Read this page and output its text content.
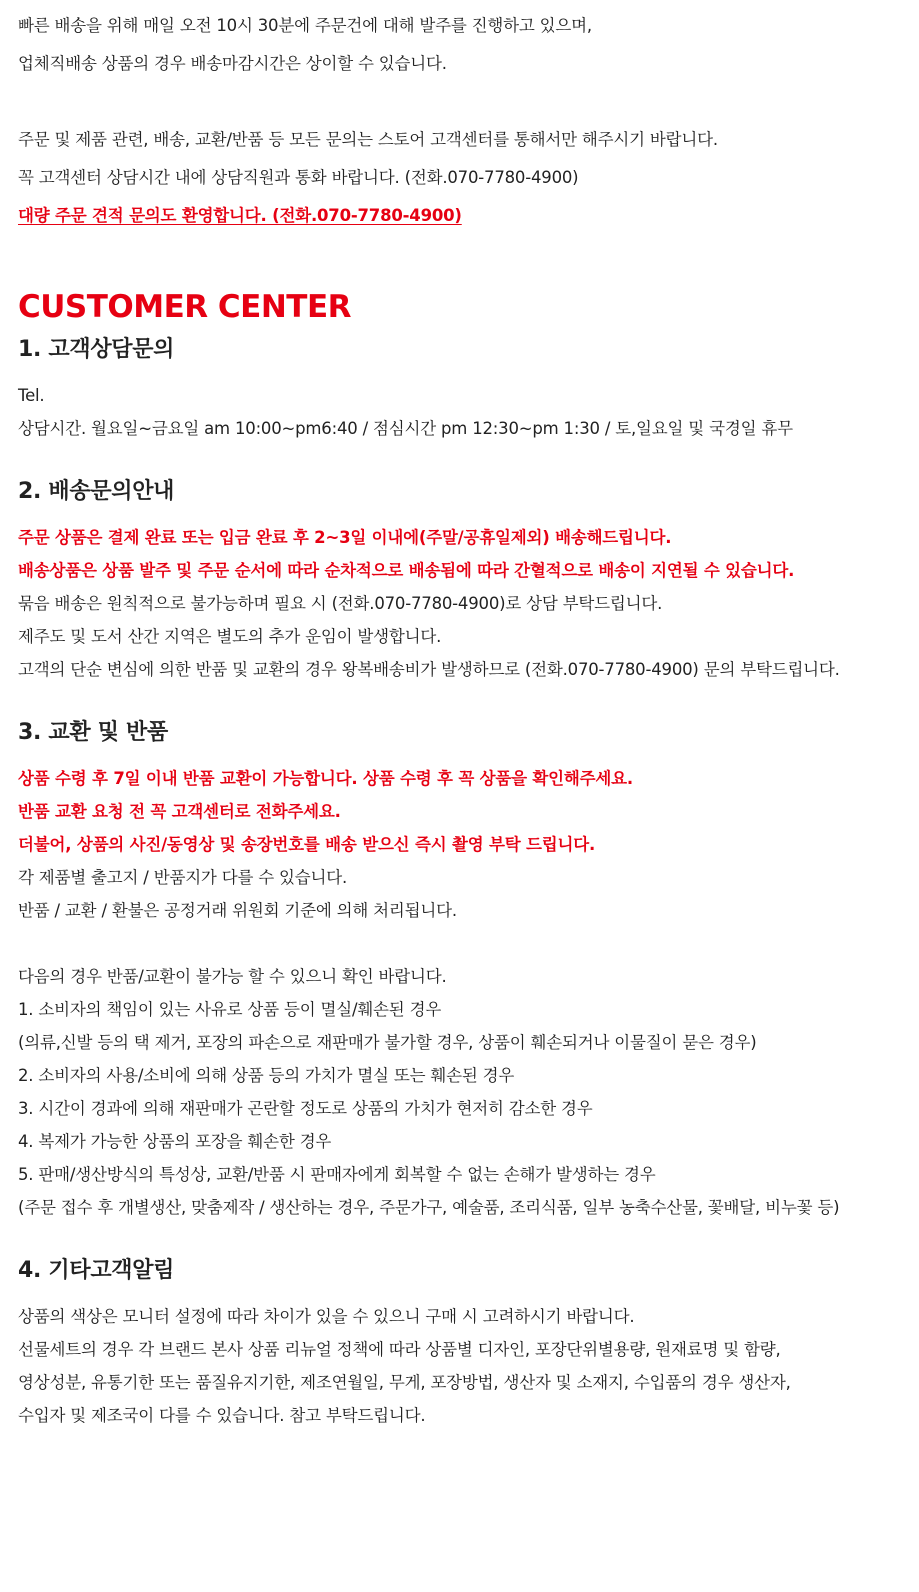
빠른 배송을 위해 매일 오전 10시 30분에 주문건에 대해 발주를 진행하고 있으며,
업체직배송 상품의 경우 배송마감시간은 상이할 수 있습니다.
주문 및 제품 관련, 배송, 교환/반품 등 모든 문의는 스토어 고객센터를 통해서만 해주시기 바랍니다.
꼭 고객센터 상담시간 내에 상담직원과 통화 바랍니다. (전화.070-7780-4900)
대량 주문 견적 문의도 환영합니다. (전화.070-7780-4900)
CUSTOMER CENTER
1. 고객상담문의
Tel.
상담시간. 월요일~금요일 am 10:00~pm6:40 / 점심시간 pm 12:30~pm 1:30 / 토,일요일 및 국경일 휴무
2. 배송문의안내
주문 상품은 결제 완료 또는 입금 완료 후 2~3일 이내에(주말/공휴일제외) 배송해드립니다.
배송상품은 상품 발주 및 주문 순서에 따라 순차적으로 배송됨에 따라 간혈적으로 배송이 지연될 수 있습니다.
묶음 배송은 원칙적으로 불가능하며 필요 시 (전화.070-7780-4900)로 상담 부탁드립니다.
제주도 및 도서 산간 지역은 별도의 추가 운임이 발생합니다.
고객의 단순 변심에 의한 반품 및 교환의 경우 왕복배송비가 발생하므로 (전화.070-7780-4900) 문의 부탁드립니다.
3. 교환 및 반품
상품 수령 후 7일 이내 반품 교환이 가능합니다. 상품 수령 후 꼭 상품을 확인해주세요.
반품 교환 요청 전 꼭 고객센터로 전화주세요.
더불어, 상품의 사진/동영상 및 송장번호를 배송 받으신 즉시 촬영 부탁 드립니다.
각 제품별 출고지 / 반품지가 다를 수 있습니다.
반품 / 교환 / 환불은 공정거래 위원회 기준에 의해 처리됩니다.
다음의 경우 반품/교환이 불가능 할 수 있으니 확인 바랍니다.
1. 소비자의 책임이 있는 사유로 상품 등이 멸실/훼손된 경우
(의류,신발 등의 택 제거, 포장의 파손으로 재판매가 불가할 경우, 상품이 훼손되거나 이물질이 묻은 경우)
2. 소비자의 사용/소비에 의해 상품 등의 가치가 멸실 또는 훼손된 경우
3. 시간이 경과에 의해 재판매가 곤란할 정도로 상품의 가치가 현저히 감소한 경우
4. 복제가 가능한 상품의 포장을 훼손한 경우
5. 판매/생산방식의 특성상, 교환/반품 시 판매자에게 회복할 수 없는 손해가 발생하는 경우
(주문 접수 후 개별생산, 맞춤제작 / 생산하는 경우, 주문가구, 예술품, 조리식품, 일부 농축수산물, 꽃배달, 비누꽃 등)
4. 기타고객알림
상품의 색상은 모니터 설정에 따라 차이가 있을 수 있으니 구매 시 고려하시기 바랍니다.
선물세트의 경우 각 브랜드 본사 상품 리뉴얼 정책에 따라 상품별 디자인, 포장단위별용량, 원재료명 및 함량,
영상성분, 유통기한 또는 품질유지기한, 제조연월일, 무게, 포장방법, 생산자 및 소재지, 수입품의 경우 생산자,
수입자 및 제조국이 다를 수 있습니다. 참고 부탁드립니다.
